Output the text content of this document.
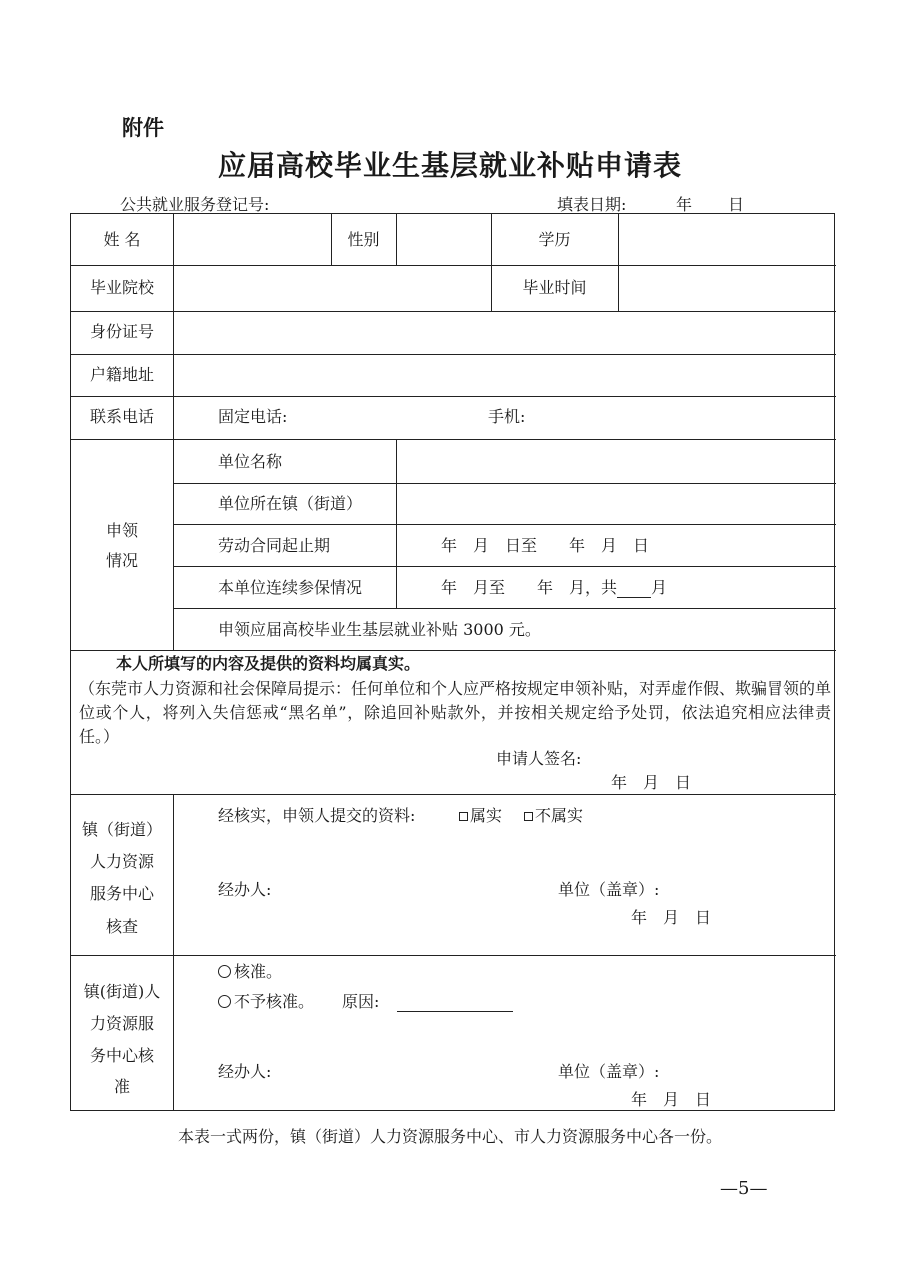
附件
应届高校毕业生基层就业补贴申请表
公共就业服务登记号:	填表日期:	年 日
姓 名	性别	学历
毕业院校	毕业时间
身份证号
户籍地址
联系电话	固定电话:	手机:
申领
情况
单位名称
单位所在镇（街道）
劳动合同起止期	年　月　日至　　年　月　日
本单位连续参保情况	年　月至　　年　月，共 月
申领应届高校毕业生基层就业补贴 3000 元。
本人所填写的内容及提供的资料均属真实。
（东莞市人力资源和社会保障局提示：任何单位和个人应严格按规定申领补贴，对弄虚作假、欺骗冒领的单位或个人，将列入失信惩戒“黑名单”，除追回补贴款外，并按相关规定给予处罚，依法追究相应法律责任。）
申请人签名:
年　月　日
镇（街道）
人力资源
服务中心
核查
经核实，申领人提交的资料:	属实	不属实
经办人:	单位（盖章）:
年　月　日
镇(街道)人
力资源服
务中心核
准
核准。
不予核准。 原因:
经办人:	单位（盖章）:
年　月　日
本表一式两份，镇（街道）人力资源服务中心、市人力资源服务中心各一份。
—5—
